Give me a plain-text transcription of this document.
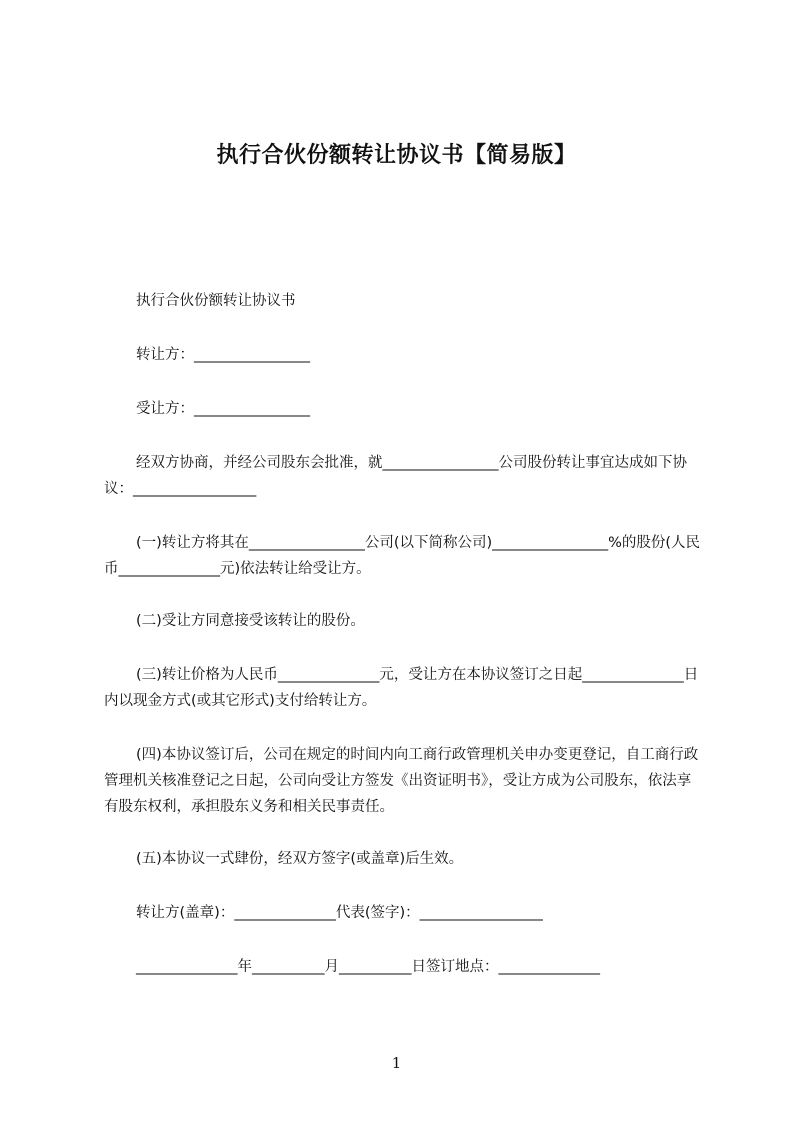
执行合伙份额转让协议书【简易版】
执行合伙份额转让协议书
转让方：________________
受让方：________________
经双方协商，并经公司股东会批准，就________________公司股份转让事宜达成如下协议：_________________
(一)转让方将其在________________公司(以下简称公司)________________%的股份(人民币______________元)依法转让给受让方。
(二)受让方同意接受该转让的股份。
(三)转让价格为人民币______________元，受让方在本协议签订之日起______________日内以现金方式(或其它形式)支付给转让方。
(四)本协议签订后，公司在规定的时间内向工商行政管理机关申办变更登记，自工商行政管理机关核准登记之日起，公司向受让方签发《出资证明书》，受让方成为公司股东，依法享有股东权利，承担股东义务和相关民事责任。
(五)本协议一式肆份，经双方签字(或盖章)后生效。
转让方(盖章)：______________代表(签字)：_________________
______________年__________月__________日签订地点：______________
1
